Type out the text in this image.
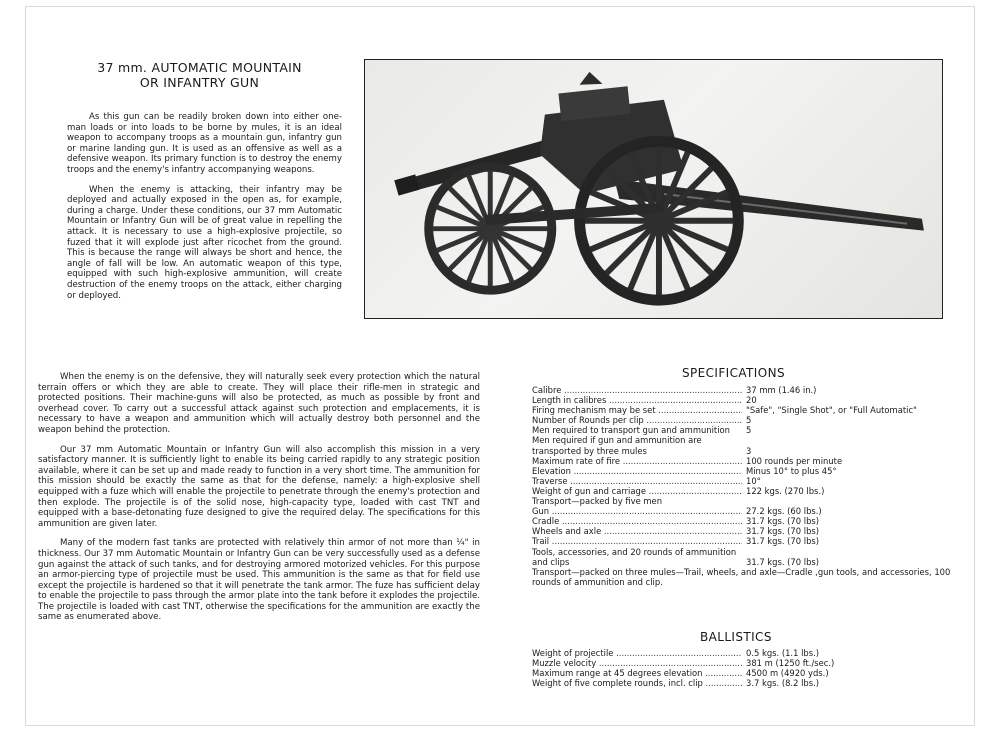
37 mm. AUTOMATIC MOUNTAIN
OR INFANTRY GUN

As this gun can be readily broken down into either one-man loads or into loads to be borne by mules, it is an ideal weapon to accompany troops as a mountain gun, infantry gun or marine landing gun. It is used as an offensive as well as a defensive weapon. Its primary function is to destroy the enemy troops and the enemy's infantry accompanying weapons.

When the enemy is attacking, their infantry may be deployed and actually exposed in the open as, for example, during a charge. Under these conditions, our 37 mm Automatic Mountain or Infantry Gun will be of great value in repelling the attack. It is necessary to use a high-explosive projectile, so fuzed that it will explode just after ricochet from the ground. This is because the range will always be short and hence, the angle of fall will be low. An automatic weapon of this type, equipped with such high-explosive ammunition, will create destruction of the enemy troops on the attack, either charging or deployed.

When the enemy is on the defensive, they will naturally seek every protection which the natural terrain offers or which they are able to create. They will place their rifle-men in strategic and protected positions. Their machine-guns will also be protected, as much as possible by front and overhead cover. To carry out a successful attack against such protection and emplacements, it is necessary to have a weapon and ammunition which will actually destroy both personnel and the weapon behind the protection.

Our 37 mm Automatic Mountain or Infantry Gun will also accomplish this mission in a very satisfactory manner. It is sufficiently light to enable its being carried rapidly to any strategic position available, where it can be set up and made ready to function in a very short time. The ammunition for this mission should be exactly the same as that for the defense, namely: a high-explosive shell equipped with a fuze which will enable the projectile to penetrate through the enemy's protection and then explode. The projectile is of the solid nose, high-capacity type, loaded with cast TNT and equipped with a base-detonating fuze designed to give the required delay. The specifications for this ammunition are given later.

Many of the modern fast tanks are protected with relatively thin armor of not more than ¼" in thickness. Our 37 mm Automatic Mountain or Infantry Gun can be very successfully used as a defense gun against the attack of such tanks, and for destroying armored motorized vehicles. For this purpose an armor-piercing type of projectile must be used. This ammunition is the same as that for field use except the projectile is hardened so that it will penetrate the tank armor. The fuze has sufficient delay to enable the projectile to pass through the armor plate into the tank before it explodes the projectile. The projectile is loaded with cast TNT, otherwise the specifications for the ammunition are exactly the same as enumerated above.

SPECIFICATIONS
Calibre .....	37 mm (1.46 in.)
Length in calibres .....	20
Firing mechanism may be set .....	"Safe", "Single Shot", or "Full Automatic"
Number of Rounds per clip .....	5
Men required to transport gun and ammunition	5
Men required if gun and ammunition are transported by three mules	3
Maximum rate of fire .....	100 rounds per minute
Elevation .....	Minus 10° to plus 45°
Traverse .....	10°
Weight of gun and carriage .....	122 kgs. (270 lbs.)
Transport—packed by five men
Gun .....	27.2 kgs. (60 lbs.)
Cradle .....	31.7 kgs. (70 lbs)
Wheels and axle .....	31.7 kgs. (70 lbs)
Trail .....	31.7 kgs. (70 lbs)
Tools, accessories, and 20 rounds of ammunition and clips	31.7 kgs. (70 lbs)
Transport—packed on three mules—Trail, wheels, and axle—Cradle ,gun tools, and accessories, 100 rounds of ammunition and clip.
BALLISTICS
Weight of projectile .....	0.5 kgs. (1.1 lbs.)
Muzzle velocity .....	381 m (1250 ft./sec.)
Maximum range at 45 degrees elevation .....	4500 m (4920 yds.)
Weight of five complete rounds, incl. clip .....	3.7 kgs. (8.2 lbs.)
